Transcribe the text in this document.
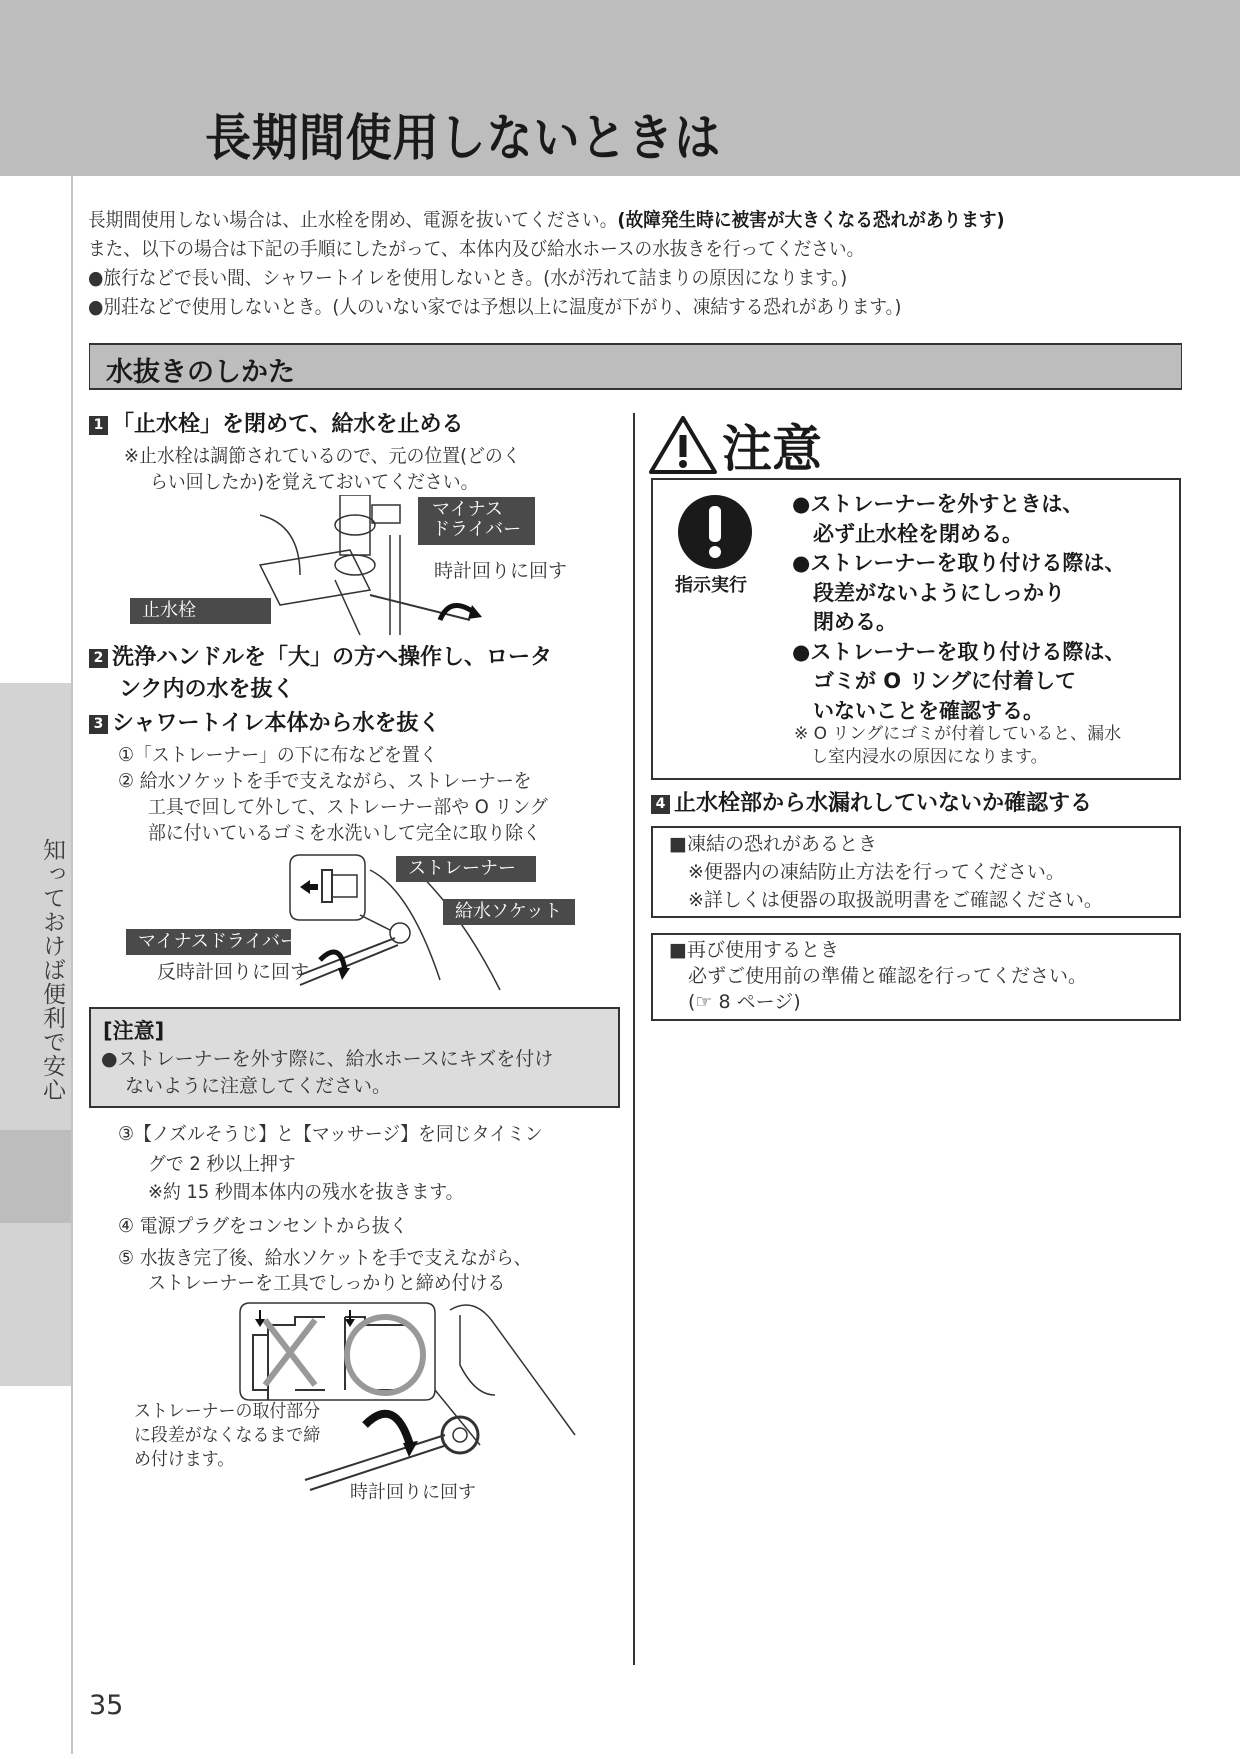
長期間使用しないときは
知っておけば便利で安心
長期間使用しない場合は、止水栓を閉め、電源を抜いてください。(故障発生時に被害が大きくなる恐れがあります)
また、以下の場合は下記の手順にしたがって、本体内及び給水ホースの水抜きを行ってください。
●旅行などで長い間、シャワートイレを使用しないとき。(水が汚れて詰まりの原因になります。)
●別荘などで使用しないとき。(人のいない家では予想以上に温度が下がり、凍結する恐れがあります。)
水抜きのしかた
1 「止水栓」を閉めて、給水を止める
※止水栓は調節されているので、元の位置(どのく
らい回したか)を覚えておいてください。
マイナス
ドライバー
時計回りに回す
止水栓
2 洗浄ハンドルを「大」の方へ操作し、ロータ
ンク内の水を抜く
3 シャワートイレ本体から水を抜く
①「ストレーナー」の下に布などを置く
② 給水ソケットを手で支えながら、ストレーナーを
工具で回して外して、ストレーナー部や O リング
部に付いているゴミを水洗いして完全に取り除く
ストレーナー
給水ソケット
マイナスドライバー
反時計回りに回す
[注意]
●ストレーナーを外す際に、給水ホースにキズを付け
ないように注意してください。
③【ノズルそうじ】と【マッサージ】を同じタイミン
グで 2 秒以上押す
※約 15 秒間本体内の残水を抜きます。
④ 電源プラグをコンセントから抜く
⑤ 水抜き完了後、給水ソケットを手で支えながら、
ストレーナーを工具でしっかりと締め付ける
ストレーナーの取付部分
に段差がなくなるまで締
め付けます。
時計回りに回す
注意
指示実行
●ストレーナーを外すときは、
　必ず止水栓を閉める。
●ストレーナーを取り付ける際は、
　段差がないようにしっかり
　閉める。
●ストレーナーを取り付ける際は、
　ゴミが O リングに付着して
　いないことを確認する。
※ O リングにゴミが付着していると、漏水
　し室内浸水の原因になります。
4 止水栓部から水漏れしていないか確認する
■凍結の恐れがあるとき
　※便器内の凍結防止方法を行ってください。
　※詳しくは便器の取扱説明書をご確認ください。
■再び使用するとき
　必ずご使用前の準備と確認を行ってください。
　(☞ 8 ページ)
35
